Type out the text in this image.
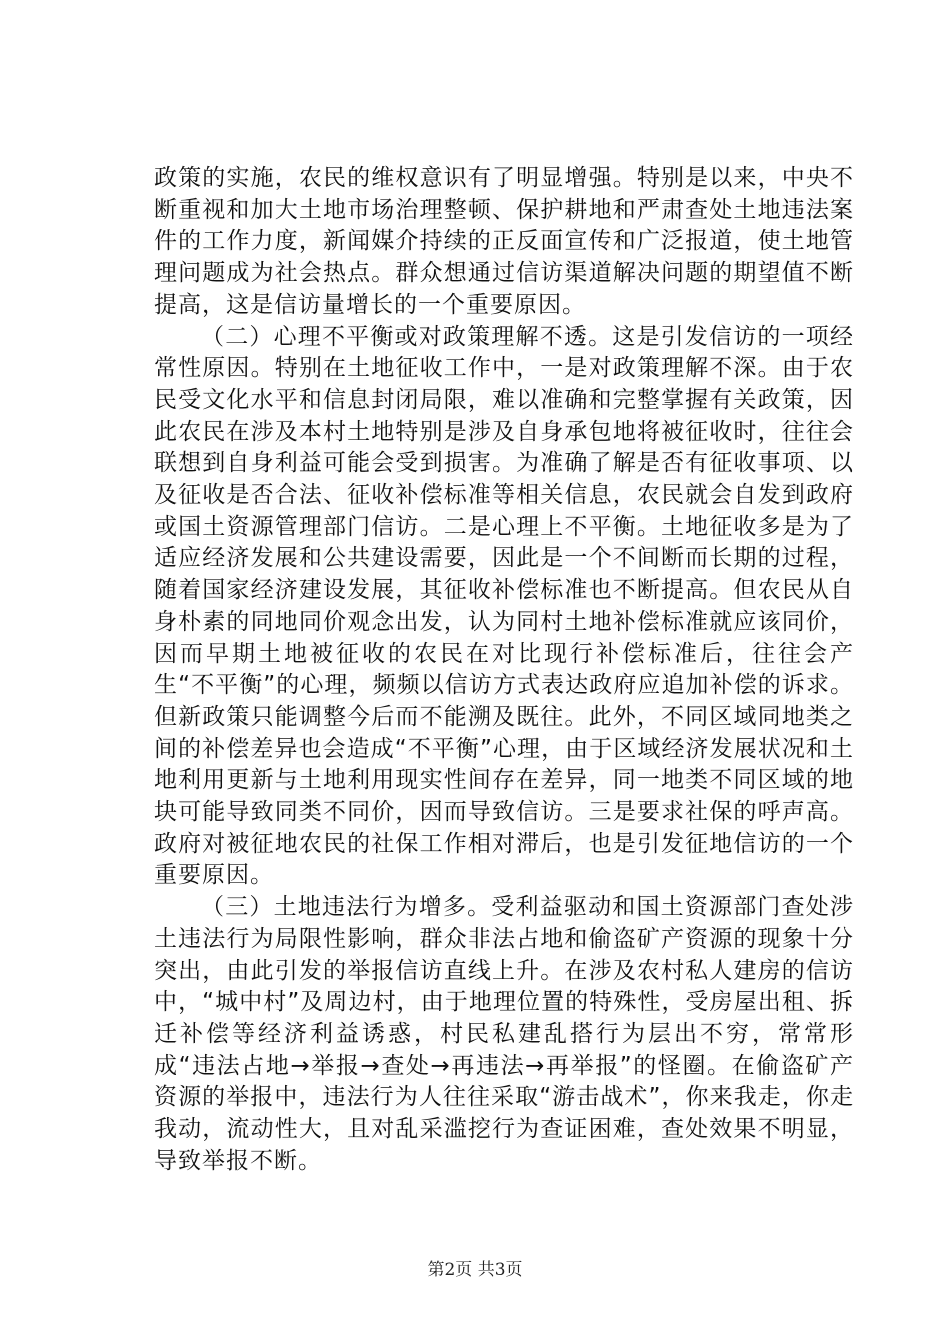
政策的实施，农民的维权意识有了明显增强。特别是以来，中央不断重视和加大土地市场治理整顿、保护耕地和严肃查处土地违法案件的工作力度，新闻媒介持续的正反面宣传和广泛报道，使土地管理问题成为社会热点。群众想通过信访渠道解决问题的期望值不断提高，这是信访量增长的一个重要原因。

（二）心理不平衡或对政策理解不透。这是引发信访的一项经常性原因。特别在土地征收工作中，一是对政策理解不深。由于农民受文化水平和信息封闭局限，难以准确和完整掌握有关政策，因此农民在涉及本村土地特别是涉及自身承包地将被征收时，往往会联想到自身利益可能会受到损害。为准确了解是否有征收事项、以及征收是否合法、征收补偿标准等相关信息，农民就会自发到政府或国土资源管理部门信访。二是心理上不平衡。土地征收多是为了适应经济发展和公共建设需要，因此是一个不间断而长期的过程，随着国家经济建设发展，其征收补偿标准也不断提高。但农民从自身朴素的同地同价观念出发，认为同村土地补偿标准就应该同价，因而早期土地被征收的农民在对比现行补偿标准后，往往会产生“不平衡”的心理，频频以信访方式表达政府应追加补偿的诉求。但新政策只能调整今后而不能溯及既往。此外，不同区域同地类之间的补偿差异也会造成“不平衡”心理，由于区域经济发展状况和土地利用更新与土地利用现实性间存在差异，同一地类不同区域的地块可能导致同类不同价，因而导致信访。三是要求社保的呼声高。政府对被征地农民的社保工作相对滞后，也是引发征地信访的一个重要原因。

（三）土地违法行为增多。受利益驱动和国土资源部门查处涉土违法行为局限性影响，群众非法占地和偷盗矿产资源的现象十分突出，由此引发的举报信访直线上升。在涉及农村私人建房的信访中，“城中村”及周边村，由于地理位置的特殊性，受房屋出租、拆迁补偿等经济利益诱惑，村民私建乱搭行为层出不穷，常常形成“违法占地→举报→查处→再违法→再举报”的怪圈。在偷盗矿产资源的举报中，违法行为人往往采取“游击战术”，你来我走，你走我动，流动性大，且对乱采滥挖行为查证困难，查处效果不明显，导致举报不断。

第2页 共3页
